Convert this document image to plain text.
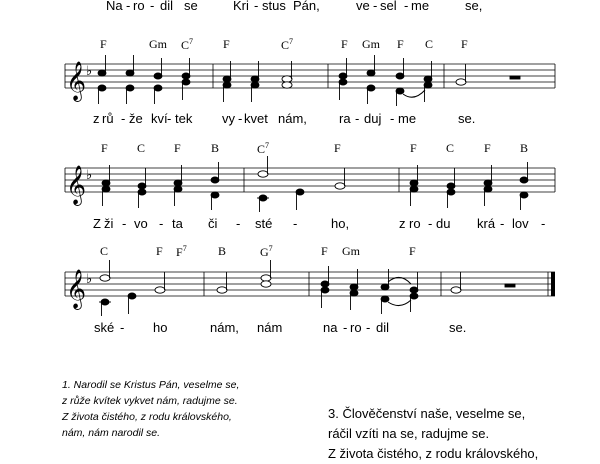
Na - ro - dil se	Kri - stus Pán,	ve - sel - me	se,
F	Gm $C^7$ F	$C^7$	F Gm F C F
𝄞 ♭
z rů - že kví - tek vy - kvet nám, ra - duj - me	se.
F C F	B	$C^7$	F	F C F B
𝄞 ♭
Z ži - vo - ta či - sté -	ho,	z ro - du krá - lov -
C	F $F^7$	B	$G^7$	F Gm	F
𝄞 ♭
ské - ho	nám, nám	na - ro - dil	se.
1. Narodil se Kristus Pán, veselme se,
z růže kvítek vykvet nám, radujme se.
Z života čistého, z rodu královského,
nám, nám narodil se.
3. Člověčenství naše, veselme se,
ráčil vzíti na se, radujme se.
Z života čistého, z rodu královského,
